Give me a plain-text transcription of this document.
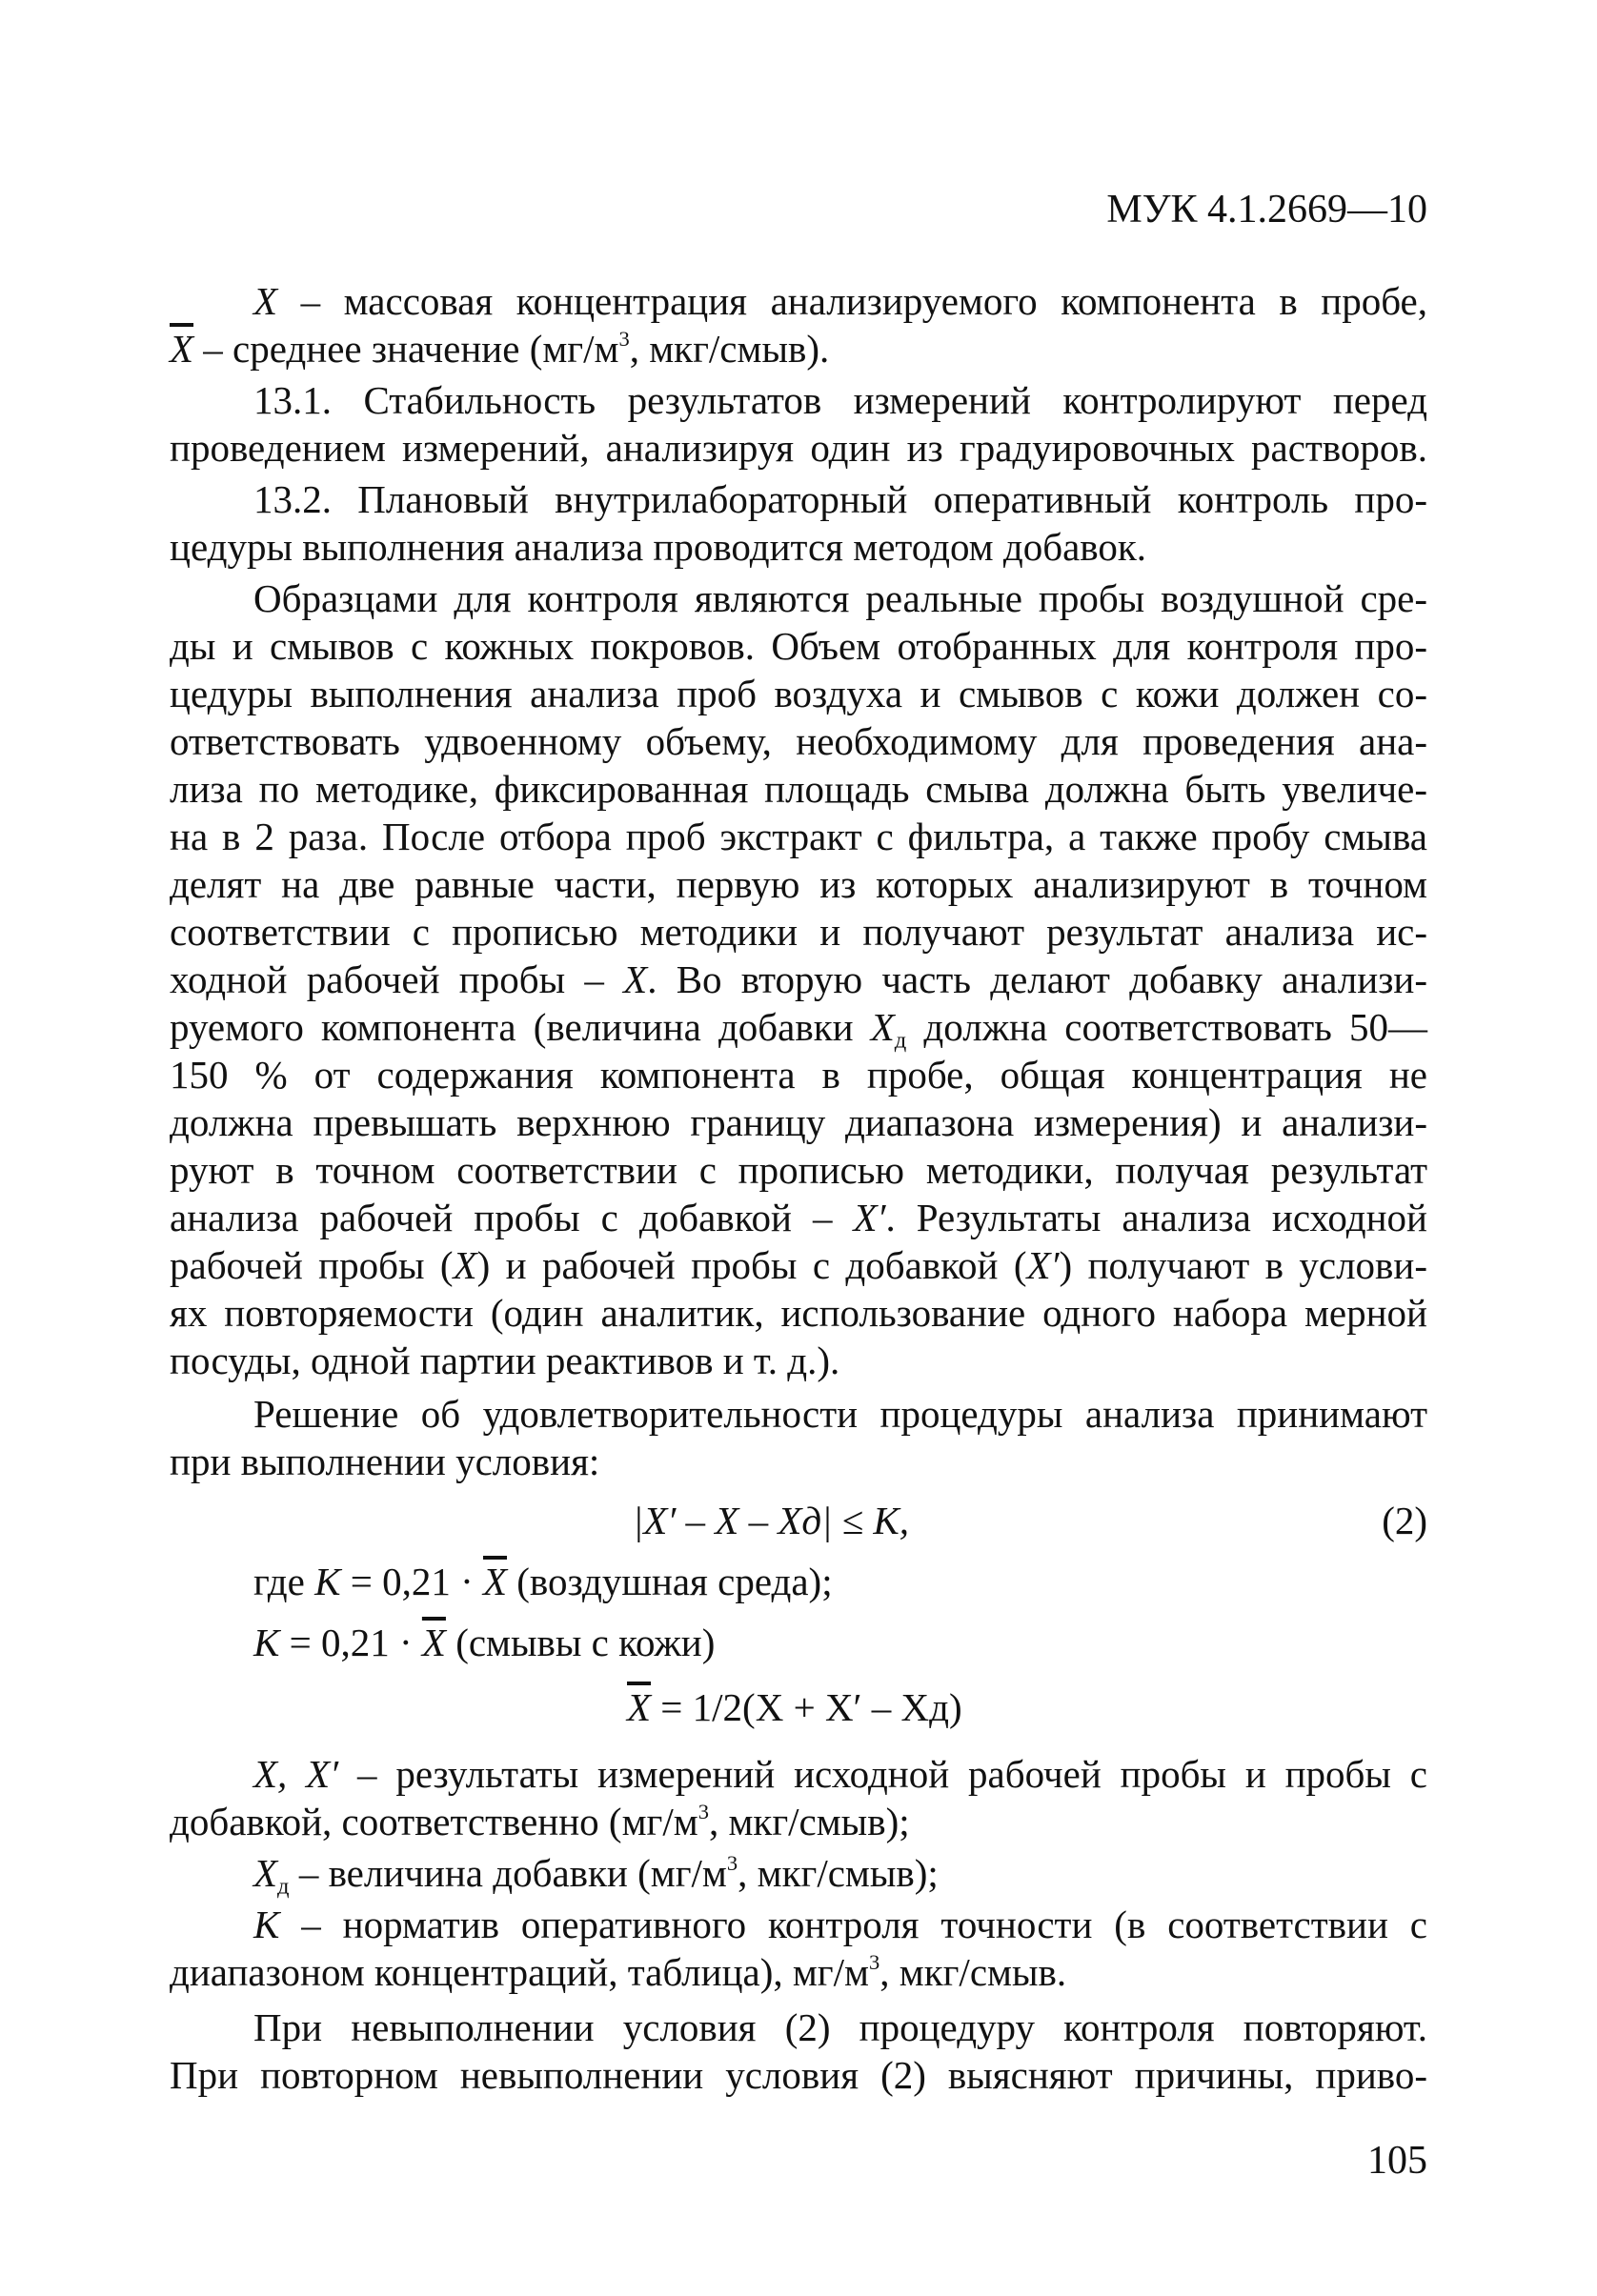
МУК 4.1.2669—10
X – массовая концентрация анализируемого компонента в пробе,
$\overline{X}$ – среднее значение ($мг/м^3$, мкг/смыв).
13.1. Стабильность результатов измерений контролируют перед
проведением измерений, анализируя один из градуировочных растворов.
13.2. Плановый внутрилабораторный оперативный контроль про-
цедуры выполнения анализа проводится методом добавок.
Образцами для контроля являются реальные пробы воздушной сре-
ды и смывов с кожных покровов. Объем отобранных для контроля про-
цедуры выполнения анализа проб воздуха и смывов с кожи должен со-
ответствовать удвоенному объему, необходимому для проведения ана-
лиза по методике, фиксированная площадь смыва должна быть увеличе-
на в 2 раза. После отбора проб экстракт с фильтра, а также пробу смыва
делят на две равные части, первую из которых анализируют в точном
соответствии с прописью методики и получают результат анализа ис-
ходной рабочей пробы – X. Во вторую часть делают добавку анализи-
руемого компонента (величина добавки $X_д$ должна соответствовать 50—
150 % от содержания компонента в пробе, общая концентрация не
должна превышать верхнюю границу диапазона измерения) и анализи-
руют в точном соответствии с прописью методики, получая результат
анализа рабочей пробы с добавкой – X′. Результаты анализа исходной
рабочей пробы (X) и рабочей пробы с добавкой (X′) получают в услови-
ях повторяемости (один аналитик, использование одного набора мерной
посуды, одной партии реактивов и т. д.).
Решение об удовлетворительности процедуры анализа принимают
при выполнении условия:
|X′ – X – Xд| ≤ K,	(2)
где $K = 0,21 \cdot \overline{X}$ (воздушная среда);
$K = 0,21 \cdot \overline{X}$ (смывы с кожи)
$\overline{X} = 1/2(X + X' - Xд)$
X, X′ – результаты измерений исходной рабочей пробы и пробы с
добавкой, соответственно ($мг/м^3$, мкг/смыв);
$X_д$ – величина добавки ($мг/м^3$, мкг/смыв);
K – норматив оперативного контроля точности (в соответствии с
диапазоном концентраций, таблица), $мг/м^3$, мкг/смыв.
При невыполнении условия (2) процедуру контроля повторяют.
При повторном невыполнении условия (2) выясняют причины, приво-
105
